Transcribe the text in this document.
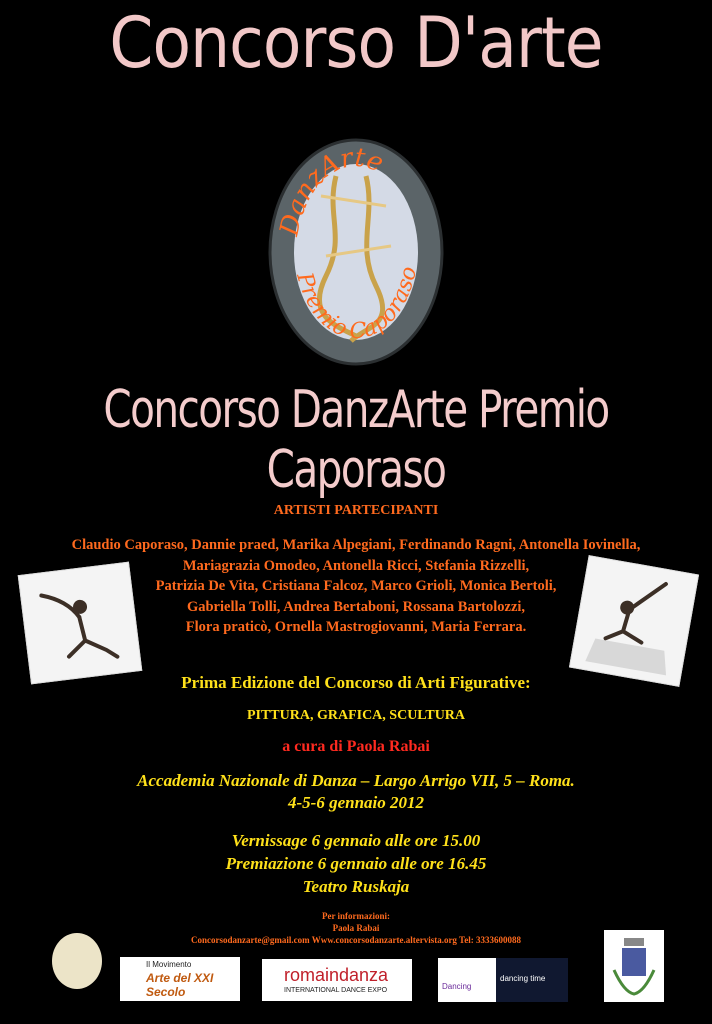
Concorso D'arte
DanzArte
Premio Caporaso
Concorso DanzArte Premio Caporaso
ARTISTI PARTECIPANTI
Claudio Caporaso, Dannie praed, Marika Alpegiani, Ferdinando Ragni, Antonella Iovinella,
Mariagrazia Omodeo, Antonella Ricci, Stefania Rizzelli,
Patrizia De Vita, Cristiana Falcoz, Marco Grioli, Monica Bertoli,
Gabriella Tolli, Andrea Bertaboni, Rossana Bartolozzi,
Flora praticò, Ornella Mastrogiovanni, Maria Ferrara.
Prima Edizione del Concorso di Arti Figurative:
PITTURA, GRAFICA, SCULTURA
a cura di Paola Rabai
Accademia Nazionale di Danza – Largo Arrigo VII, 5 – Roma.
4-5-6 gennaio 2012
Vernissage 6 gennaio alle ore 15.00
Premiazione 6 gennaio alle ore 16.45
Teatro Ruskaja
Per informazioni:
Paola Rabai
Concorsodanzarte@gmail.com Www.concorsodanzarte.altervista.org Tel: 3333600088
Il Movimento
Arte del XXI Secolo
romaindanza
INTERNATIONAL DANCE EXPO	Dancing
dancing time
